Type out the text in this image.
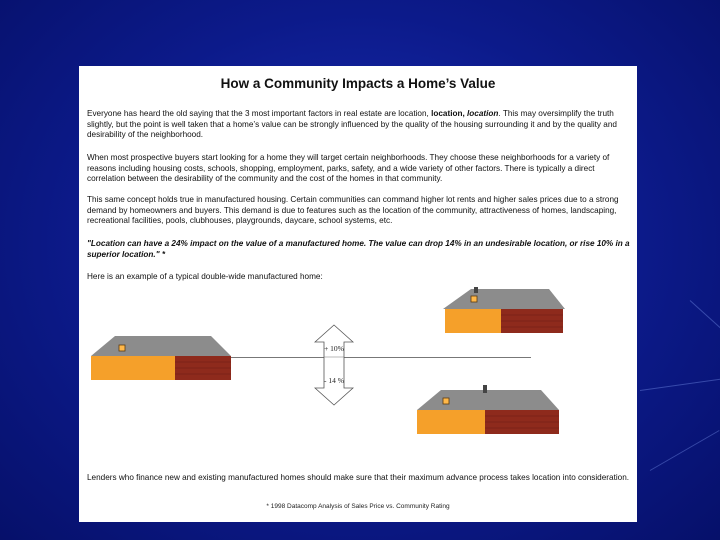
How a Community Impacts a Home’s Value

Everyone has heard the old saying that the 3 most important factors in real estate are location, location, location. This may oversimplify the truth slightly, but the point is well taken that a home’s value can be strongly influenced by the quality of the housing surrounding it and by the quality and desirability of the neighborhood.

When most prospective buyers start looking for a home they will target certain neighborhoods. They choose these neighborhoods for a variety of reasons including housing costs, schools, shopping, employment, parks, safety, and a wide variety of other factors. There is typically a direct correlation between the desirability of the community and the cost of the homes in that community.

This same concept holds true in manufactured housing. Certain communities can command higher lot rents and higher sales prices due to a strong demand by homeowners and buyers. This demand is due to features such as the location of the community, attractiveness of homes, landscaping, recreational facilities, pools, clubhouses, playgrounds, daycare, school systems, etc.

"Location can have a 24% impact on the value of a manufactured home. The value can drop 14% in an undesirable location, or rise 10% in a superior location." *

Here is an example of a typical double-wide manufactured home:

+ 10%
- 14 %

Lenders who finance new and existing manufactured homes should make sure that their maximum advance process takes location into consideration.

* 1998 Datacomp Analysis of Sales Price vs. Community Rating
